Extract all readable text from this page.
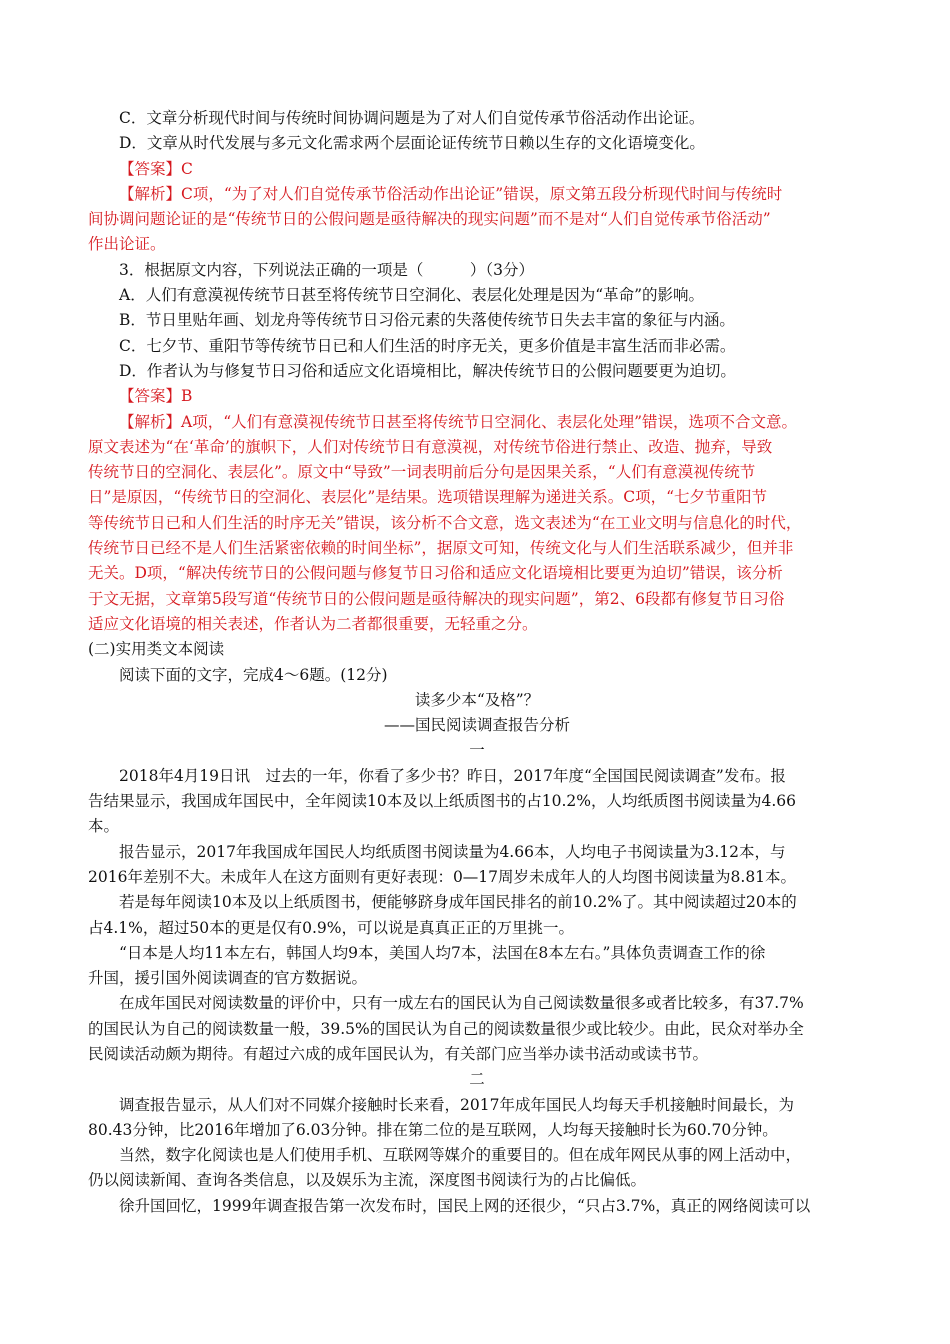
C．文章分析现代时间与传统时间协调问题是为了对人们自觉传承节俗活动作出论证。
D．文章从时代发展与多元文化需求两个层面论证传统节日赖以生存的文化语境变化。
【答案】C
【解析】C项，“为了对人们自觉传承节俗活动作出论证”错误，原文第五段分析现代时间与传统时
间协调问题论证的是“传统节日的公假问题是亟待解决的现实问题”而不是对“人们自觉传承节俗活动”
作出论证。
3．根据原文内容，下列说法正确的一项是（　　　）（3分）
A．人们有意漠视传统节日甚至将传统节日空洞化、表层化处理是因为“革命”的影响。
B．节日里贴年画、划龙舟等传统节日习俗元素的失落使传统节日失去丰富的象征与内涵。
C．七夕节、重阳节等传统节日已和人们生活的时序无关，更多价值是丰富生活而非必需。
D．作者认为与修复节日习俗和适应文化语境相比，解决传统节日的公假问题要更为迫切。
【答案】B
【解析】A项，“人们有意漠视传统节日甚至将传统节日空洞化、表层化处理”错误，选项不合文意。
原文表述为“在‘革命’的旗帜下，人们对传统节日有意漠视，对传统节俗进行禁止、改造、抛弃，导致
传统节日的空洞化、表层化”。原文中“导致”一词表明前后分句是因果关系，“人们有意漠视传统节
日”是原因，“传统节日的空洞化、表层化”是结果。选项错误理解为递进关系。C项，“七夕节重阳节
等传统节日已和人们生活的时序无关”错误，该分析不合文意，选文表述为“在工业文明与信息化的时代，
传统节日已经不是人们生活紧密依赖的时间坐标”，据原文可知，传统文化与人们生活联系减少，但并非
无关。D项，“解决传统节日的公假问题与修复节日习俗和适应文化语境相比要更为迫切”错误，该分析
于文无据，文章第5段写道“传统节日的公假问题是亟待解决的现实问题”，第2、6段都有修复节日习俗
适应文化语境的相关表述，作者认为二者都很重要，无轻重之分。
(二)实用类文本阅读
阅读下面的文字，完成4～6题。(12分)
读多少本“及格”？
——国民阅读调查报告分析
一
2018年4月19日讯　过去的一年，你看了多少书？昨日，2017年度“全国国民阅读调查”发布。报
告结果显示，我国成年国民中，全年阅读10本及以上纸质图书的占10.2%，人均纸质图书阅读量为4.66
本。
报告显示，2017年我国成年国民人均纸质图书阅读量为4.66本，人均电子书阅读量为3.12本，与
2016年差别不大。未成年人在这方面则有更好表现：0—17周岁未成年人的人均图书阅读量为8.81本。
若是每年阅读10本及以上纸质图书，便能够跻身成年国民排名的前10.2%了。其中阅读超过20本的
占4.1%，超过50本的更是仅有0.9%，可以说是真真正正的万里挑一。
“日本是人均11本左右，韩国人均9本，美国人均7本，法国在8本左右。”具体负责调查工作的徐
升国，援引国外阅读调查的官方数据说。
在成年国民对阅读数量的评价中，只有一成左右的国民认为自己阅读数量很多或者比较多，有37.7%
的国民认为自己的阅读数量一般，39.5%的国民认为自己的阅读数量很少或比较少。由此，民众对举办全
民阅读活动颇为期待。有超过六成的成年国民认为，有关部门应当举办读书活动或读书节。
二
调查报告显示，从人们对不同媒介接触时长来看，2017年成年国民人均每天手机接触时间最长，为
80.43分钟，比2016年增加了6.03分钟。排在第二位的是互联网，人均每天接触时长为60.70分钟。
当然，数字化阅读也是人们使用手机、互联网等媒介的重要目的。但在成年网民从事的网上活动中，
仍以阅读新闻、查询各类信息，以及娱乐为主流，深度图书阅读行为的占比偏低。
徐升国回忆，1999年调查报告第一次发布时，国民上网的还很少，“只占3.7%，真正的网络阅读可以
